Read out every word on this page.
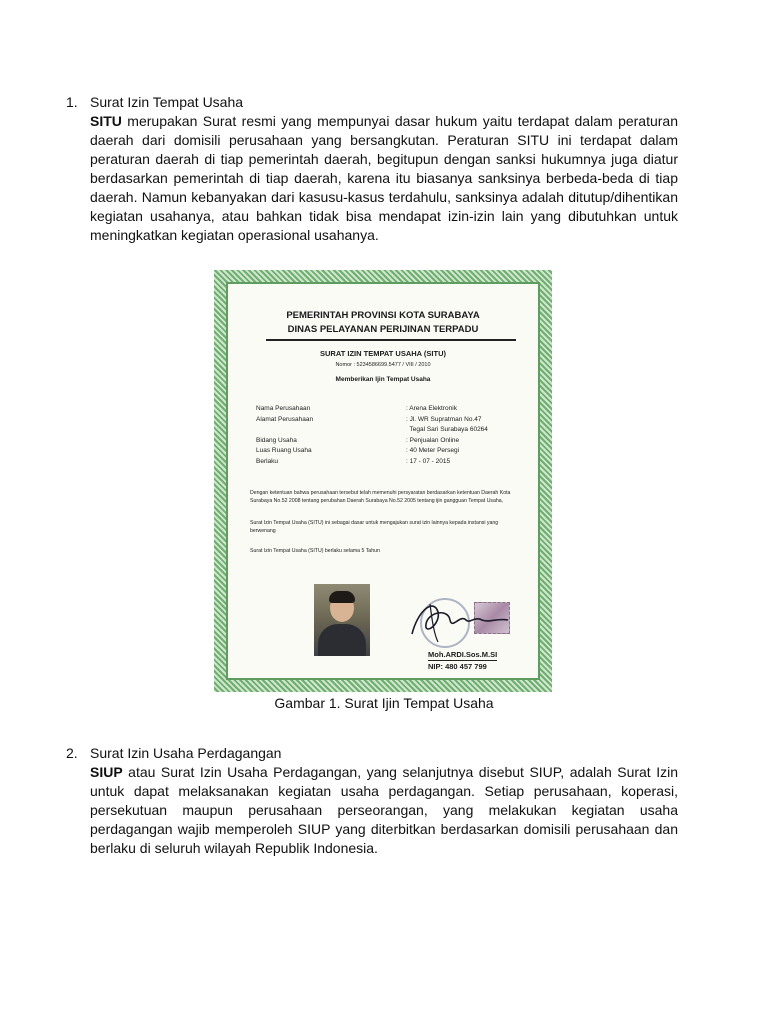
1. Surat Izin Tempat Usaha
SITU merupakan Surat resmi yang mempunyai dasar hukum yaitu terdapat dalam peraturan daerah dari domisili perusahaan yang bersangkutan. Peraturan SITU ini terdapat dalam peraturan daerah di tiap pemerintah daerah, begitupun dengan sanksi hukumnya juga diatur berdasarkan pemerintah di tiap daerah, karena itu biasanya sanksinya berbeda-beda di tiap daerah. Namun kebanyakan dari kasusu-kasus terdahulu, sanksinya adalah ditutup/dihentikan kegiatan usahanya, atau bahkan tidak bisa mendapat izin-izin lain yang dibutuhkan untuk meningkatkan kegiatan operasional usahanya.
PEMERINTAH PROVINSI KOTA SURABAYA
DINAS PELAYANAN PERIJINAN TERPADU
SURAT IZIN TEMPAT USAHA (SITU)
Nomor : 5234586699.5477 / VIII / 2010
Memberikan Ijin Tempat Usaha
Nama Perusahaan	: Arena Elektronik
Alamat Perusahaan	: Jl. WR Supratman No.47
Tegal Sari Surabaya 60264
Bidang Usaha	: Penjualan Online
Luas Ruang Usaha	: 40 Meter Persegi
Berlaku	: 17 - 07 - 2015
Dengan ketentuan bahwa perusahaan tersebut telah memenuhi persyaratan berdasarkan ketentuan Daerah Kota Surabaya No.52 2008 tentang perubahan Daerah Surabaya No.52 2005 tentang ijin gangguan Tempat Usaha,
Surat Izin Tempat Usaha (SITU) ini sebagai dasar untuk mengajukan surat izin lainnya kepada instansi yang berwenang
Surat Izin Tempat Usaha (SITU) berlaku selama 5 Tahun
Moh.ARDI.Sos.M.SI
NIP: 480 457 799
Gambar 1. Surat Ijin Tempat Usaha
2. Surat Izin Usaha Perdagangan
SIUP atau Surat Izin Usaha Perdagangan, yang selanjutnya disebut SIUP, adalah Surat Izin untuk dapat melaksanakan kegiatan usaha perdagangan. Setiap perusahaan, koperasi, persekutuan maupun perusahaan perseorangan, yang melakukan kegiatan usaha perdagangan wajib memperoleh SIUP yang diterbitkan berdasarkan domisili perusahaan dan berlaku di seluruh wilayah Republik Indonesia.
